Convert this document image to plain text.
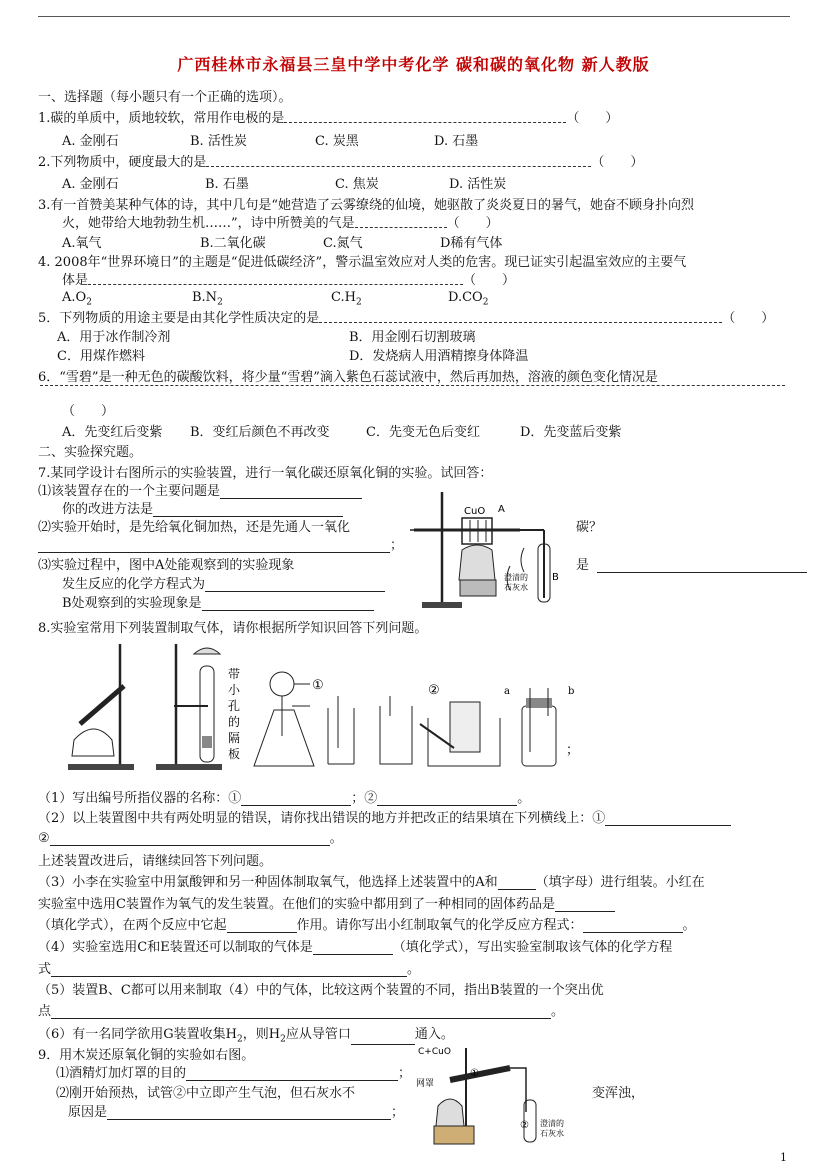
广西桂林市永福县三皇中学中考化学 碳和碳的氧化物 新人教版
一、选择题（每小题只有一个正确的选项）。
1.碳的单质中，质地较软，常用作电极的是	（　　）
A. 金刚石	B. 活性炭	C. 炭黑	D. 石墨
2.下列物质中，硬度最大的是	（　　）
A. 金刚石	B. 石墨	C. 焦炭	D. 活性炭
3.有一首赞美某种气体的诗，其中几句是“她营造了云雾缭绕的仙境，她驱散了炎炎夏日的暑气，她奋不顾身扑向烈
火，她带给大地勃勃生机……”，诗中所赞美的气是	（　　）
A.氧气	B.二氧化碳	C.氮气	D稀有气体
4. 2008年“世界环境日”的主题是“促进低碳经济”，警示温室效应对人类的危害。现已证实引起温室效应的主要气
体是	（　　）
$A.O_2$	$B.N_2$	$C.H_2$	$D.CO_2$
5．下列物质的用途主要是由其化学性质决定的是	（　　）
A．用于冰作制冷剂	B．用金刚石切割玻璃
C．用煤作燃料	D．发烧病人用酒精擦身体降温
6．“雪碧”是一种无色的碳酸饮料，将少量“雪碧”滴入紫色石蕊试液中，然后再加热，溶液的颜色变化情况是
（　　）
A．先变红后变紫 B．变红后颜色不再改变	C．先变无色后变红	D．先变蓝后变紫
二、实验探究题。
7.某同学设计右图所示的实验装置，进行一氧化碳还原氧化铜的实验。试回答：
⑴该装置存在的一个主要问题是
你的改进方法是
⑵实验开始时，是先给氧化铜加热，还是先通人一氧化	碳？
；
⑶实验过程中，图中A处能观察到的实验现象	是
发生反应的化学方程式为
B处观察到的实验现象是
CuO A
B
澄清的
石灰水
8.实验室常用下列装置制取气体，请你根据所学知识回答下列问题。
带
小
孔
的
隔
板
①	②	a	b
；
（1）写出编号所指仪器的名称：①	；②	。
（2）以上装置图中共有两处明显的错误，请你找出错误的地方并把改正的结果填在下列横线上：①
②	。
上述装置改进后，请继续回答下列问题。
（3）小李在实验室中用氯酸钾和另一种固体制取氧气，他选择上述装置中的A和	（填字母）进行组装。小红在
实验室中选用C装置作为氧气的发生装置。在他们的实验中都用到了一种相同的固体药品是
（填化学式），在两个反应中它起	作用。请你写出小红制取氧气的化学反应方程式：	。
（4）实验室选用C和E装置还可以制取的气体是	（填化学式），写出实验室制取该气体的化学方程
式	。
（5）装置B、C都可以用来制取（4）中的气体，比较这两个装置的不同，指出B装置的一个突出优
点	。
（6）有一名同学欲用G装置收集$H_2$，则$H_2$应从导管口	通入。
9．用木炭还原氧化铜的实验如右图。
⑴酒精灯加灯罩的目的	；
⑵刚开始预热，试管②中立即产生气泡，但石灰水不	变浑浊，
原因是	；
C+CuO
网罩
①
② 澄清的
石灰水
1
